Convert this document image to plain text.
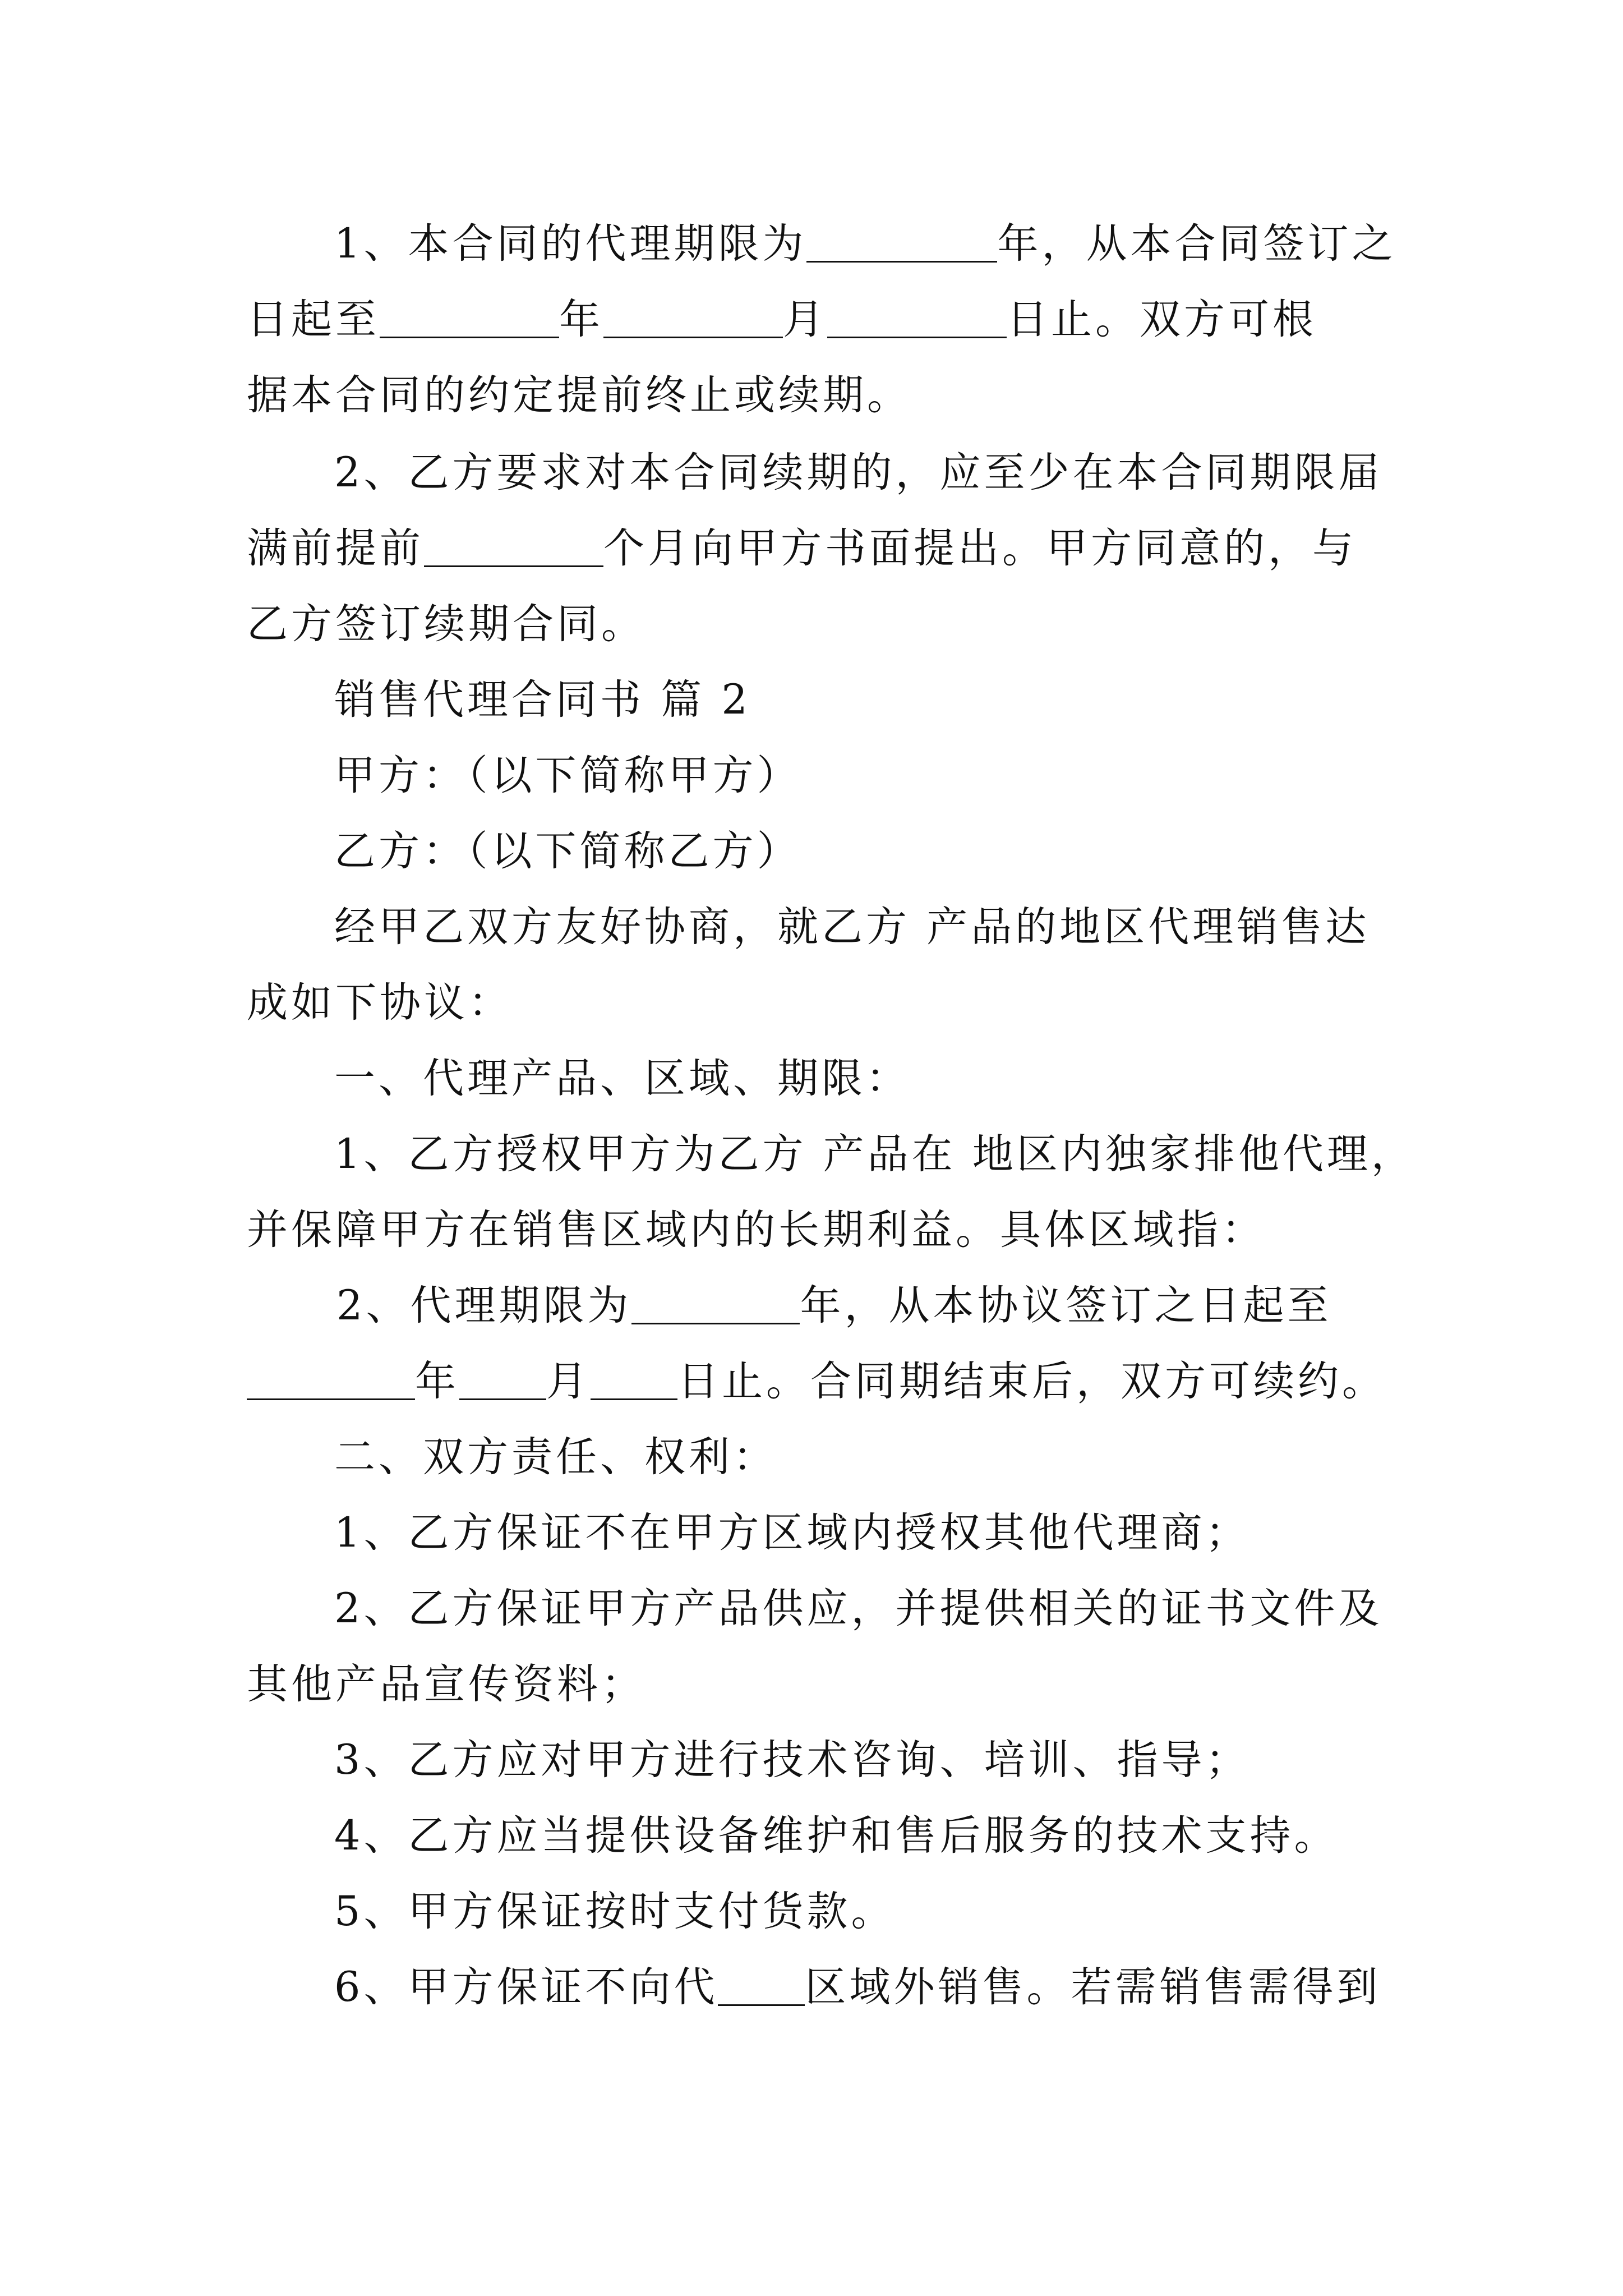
1、本合同的代理期限为	年，从本合同签订之
日起至	年	月	日止。双方可根
据本合同的约定提前终止或续期。
2、乙方要求对本合同续期的，应至少在本合同期限届
满前提前	个月向甲方书面提出。甲方同意的，与
乙方签订续期合同。
销售代理合同书 篇 2
甲方：（以下简称甲方）
乙方：（以下简称乙方）
经甲乙双方友好协商，就乙方 产品的地区代理销售达
成如下协议：
一、代理产品、区域、期限：
1、乙方授权甲方为乙方 产品在 地区内独家排他代理，
并保障甲方在销售区域内的长期利益。具体区域指：
2、代理期限为	年，从本协议签订之日起至
年 月 日止。合同期结束后，双方可续约。
二、双方责任、权利：
1、乙方保证不在甲方区域内授权其他代理商；
2、乙方保证甲方产品供应，并提供相关的证书文件及
其他产品宣传资料；
3、乙方应对甲方进行技术咨询、培训、指导；
4、乙方应当提供设备维护和售后服务的技术支持。
5、甲方保证按时支付货款。
6、甲方保证不向代 区域外销售。若需销售需得到
